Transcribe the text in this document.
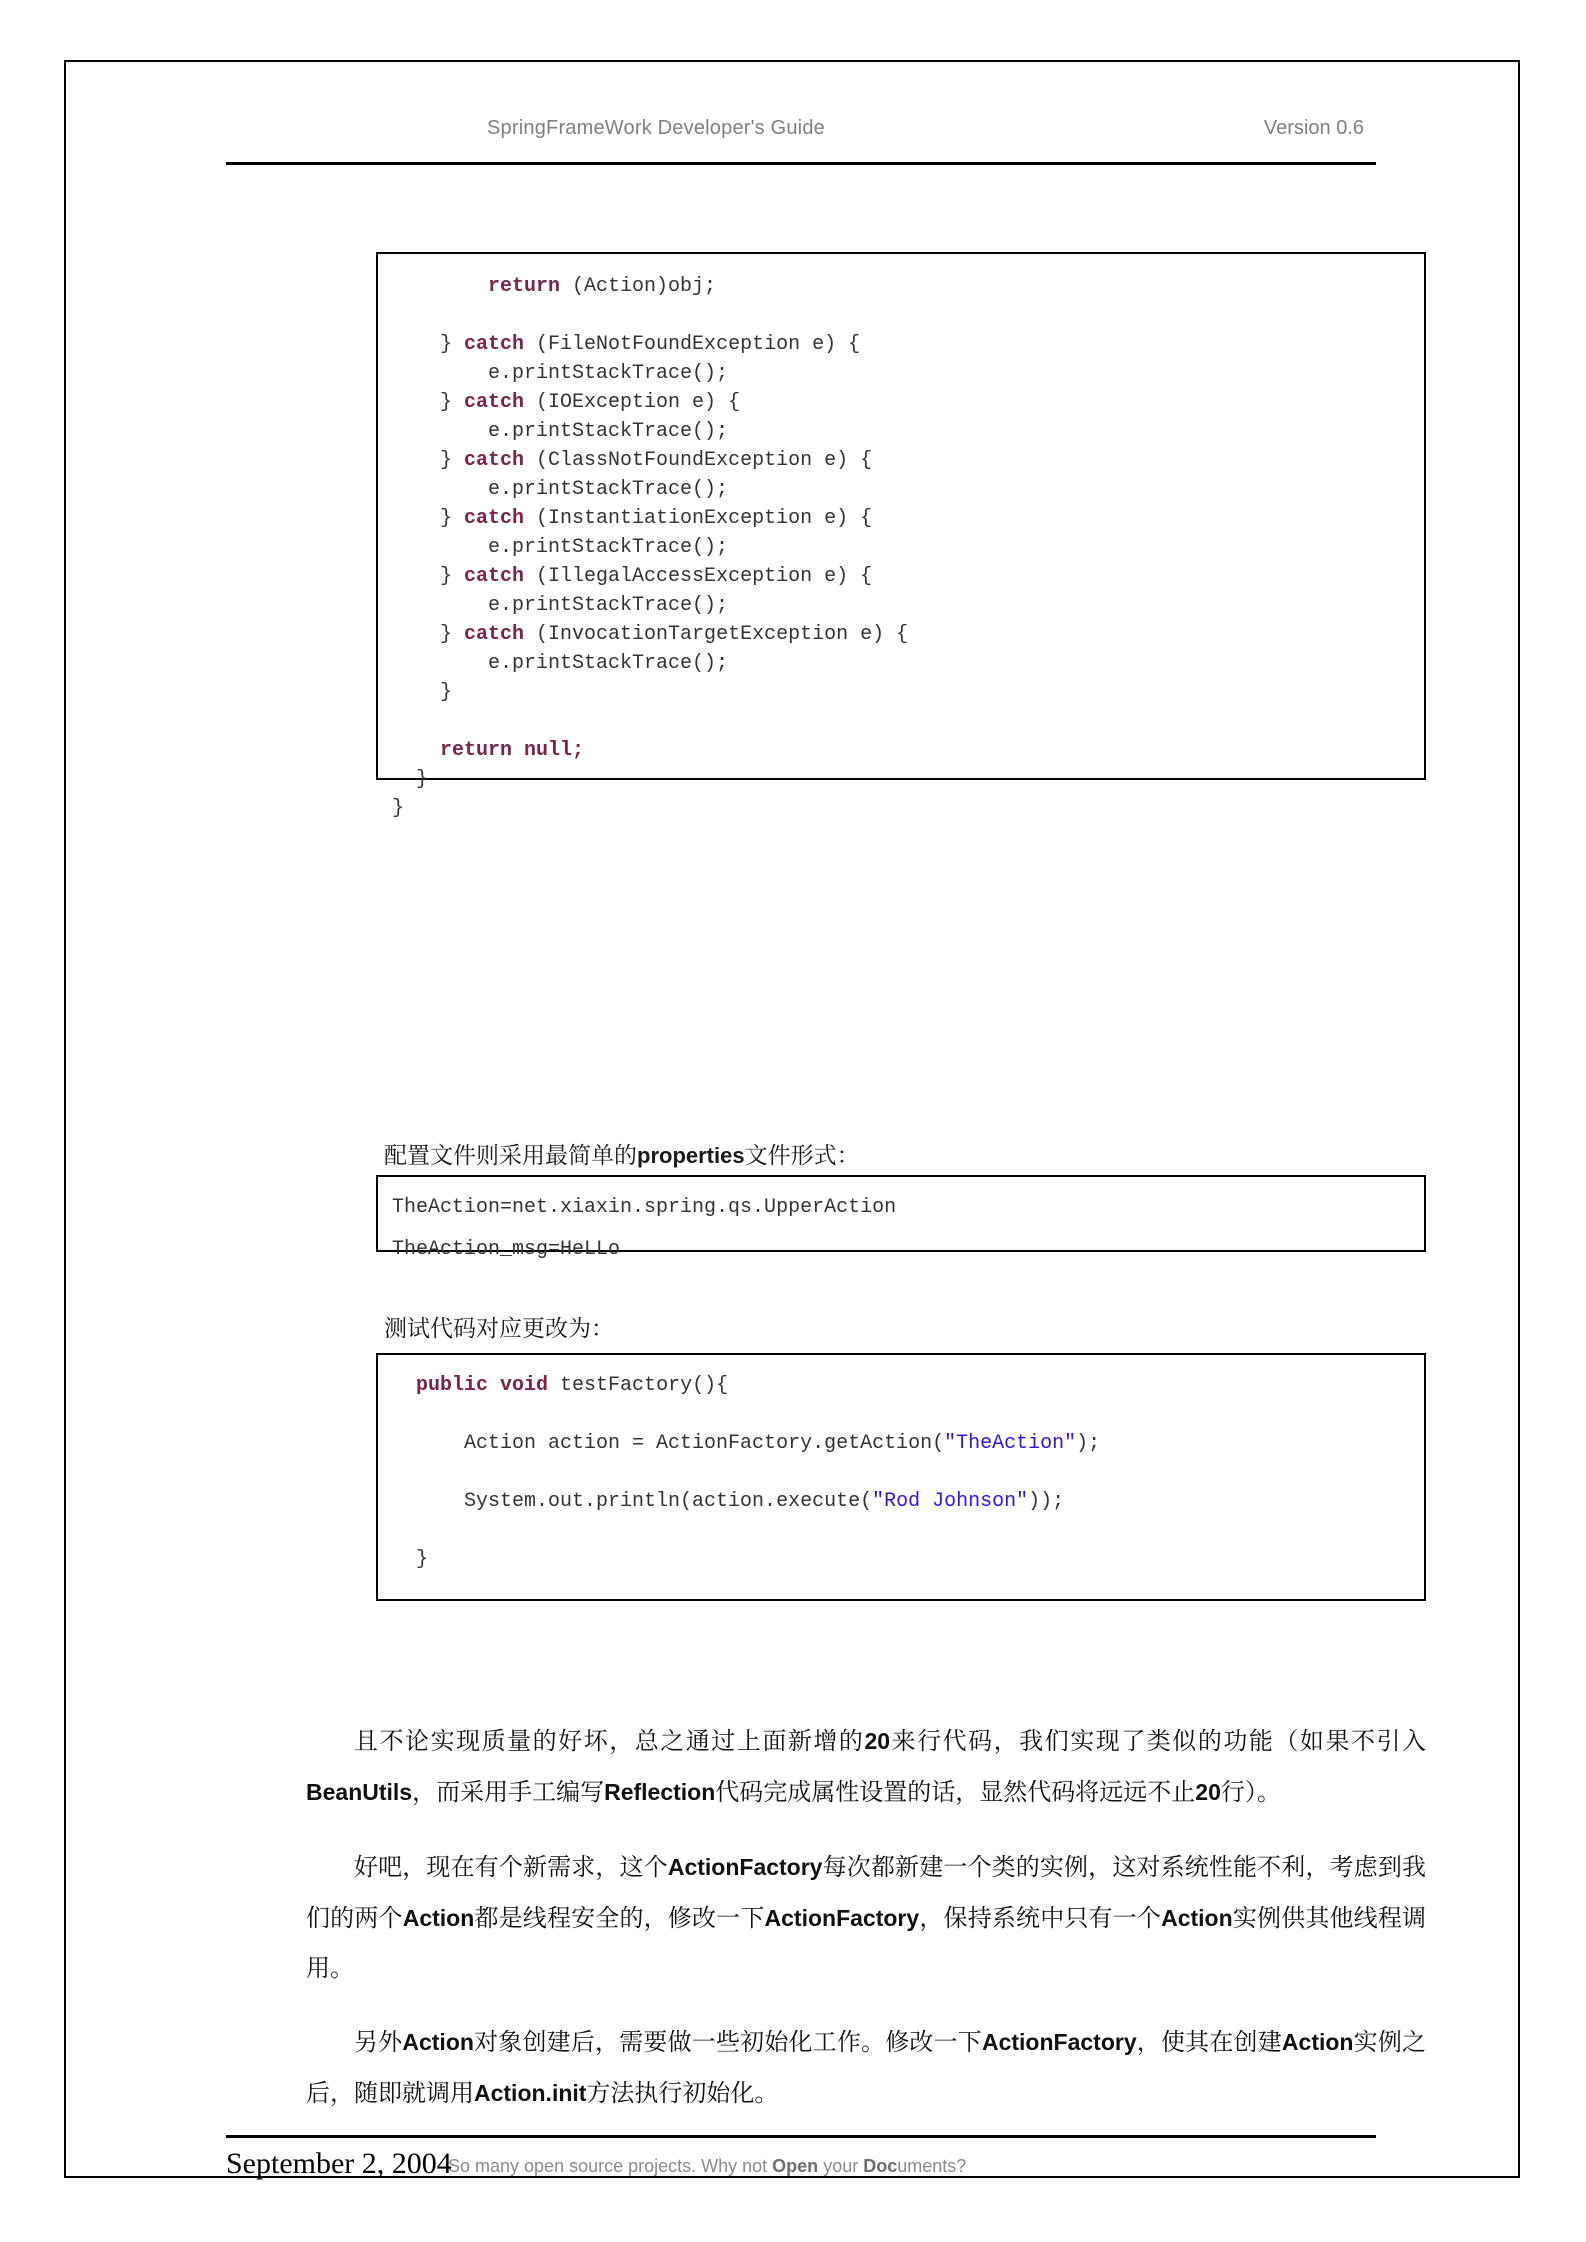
SpringFrameWork Developer's Guide	Version 0.6
return (Action)obj;

} catch (FileNotFoundException e) {
e.printStackTrace();
} catch (IOException e) {
e.printStackTrace();
} catch (ClassNotFoundException e) {
e.printStackTrace();
} catch (InstantiationException e) {
e.printStackTrace();
} catch (IllegalAccessException e) {
e.printStackTrace();
} catch (InvocationTargetException e) {
e.printStackTrace();
}

return null;
}
}
配置文件则采用最简单的properties文件形式：
TheAction=net.xiaxin.spring.qs.UpperAction
TheAction_msg=HeLLo
测试代码对应更改为：
public void testFactory(){

Action action = ActionFactory.getAction("TheAction");

System.out.println(action.execute("Rod Johnson"));

}
且不论实现质量的好坏，总之通过上面新增的20来行代码，我们实现了类似的功能（如果不引入BeanUtils，而采用手工编写Reflection代码完成属性设置的话，显然代码将远远不止20行）。
好吧，现在有个新需求，这个ActionFactory每次都新建一个类的实例，这对系统性能不利，考虑到我们的两个Action都是线程安全的，修改一下ActionFactory，保持系统中只有一个Action实例供其他线程调用。
另外Action对象创建后，需要做一些初始化工作。修改一下ActionFactory，使其在创建Action实例之后，随即就调用Action.init方法执行初始化。
September 2, 2004
So many open source projects. Why not Open your Documents?
